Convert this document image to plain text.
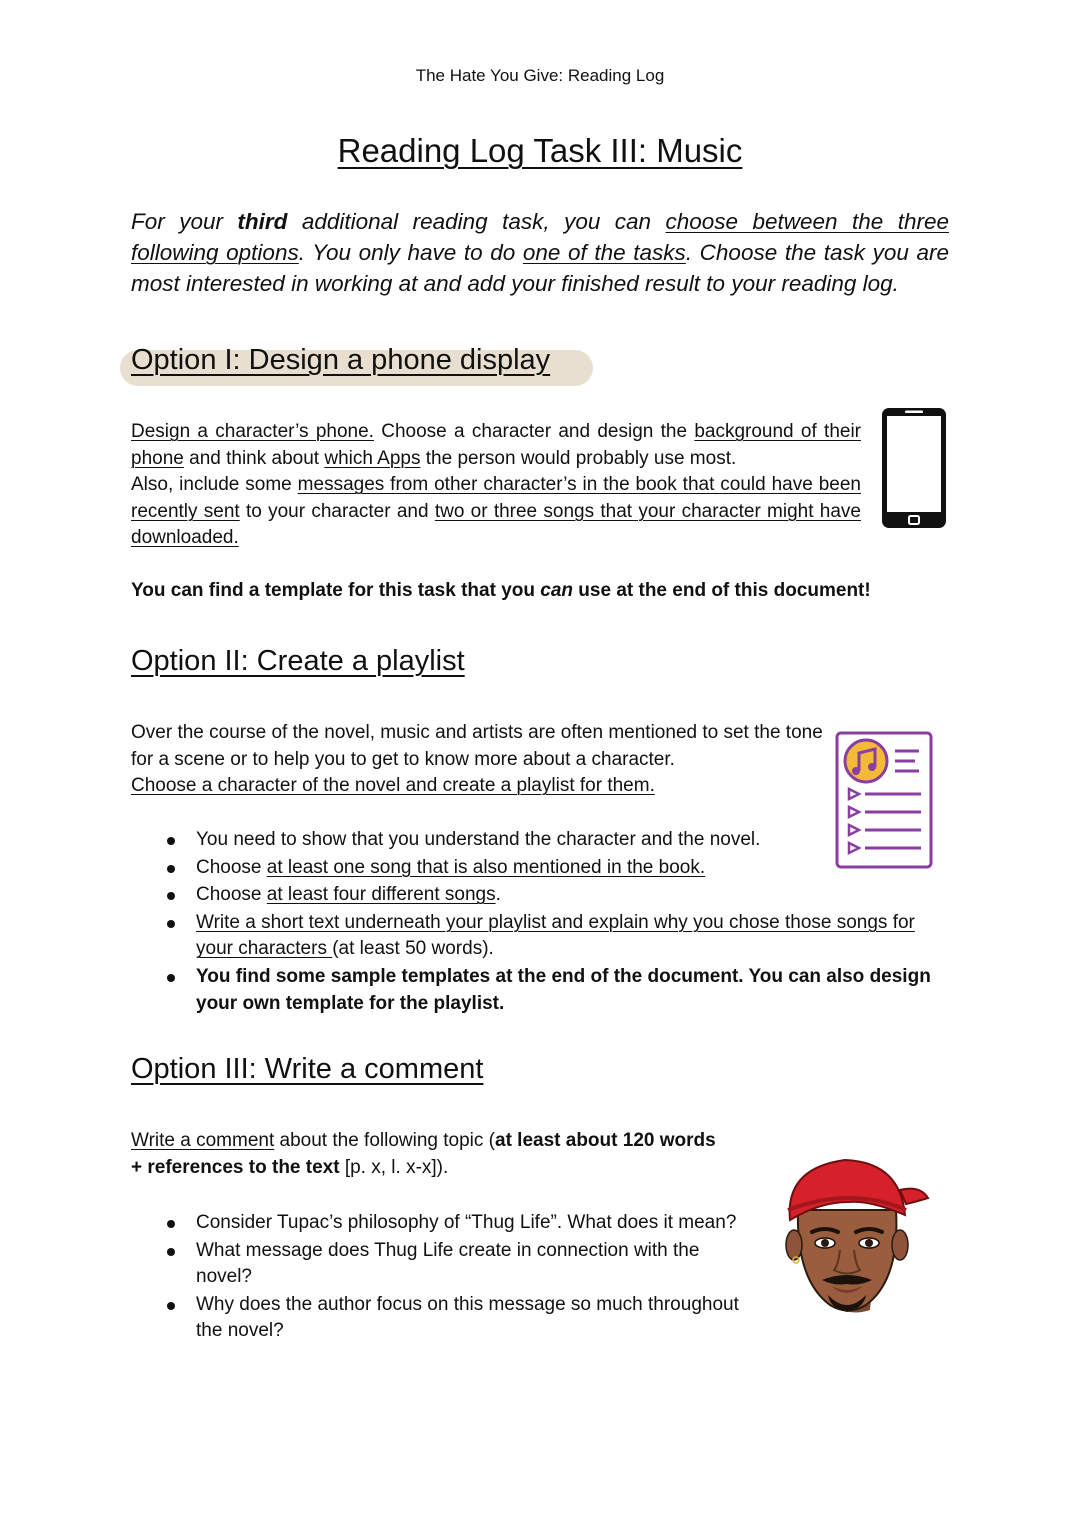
The Hate You Give: Reading Log
Reading Log Task III: Music
For your third additional reading task, you can choose between the three following options. You only have to do one of the tasks. Choose the task you are most interested in working at and add your finished result to your reading log.
Option I: Design a phone display
Design a character’s phone. Choose a character and design the background of their phone and think about which Apps the person would probably use most.
Also, include some messages from other character’s in the book that could have been recently sent to your character and two or three songs that your character might have downloaded.
You can find a template for this task that you can use at the end of this document!
Option II: Create a playlist
Over the course of the novel, music and artists are often mentioned to set the tone for a scene or to help you to get to know more about a character.
Choose a character of the novel and create a playlist for them.
You need to show that you understand the character and the novel.
Choose at least one song that is also mentioned in the book.
Choose at least four different songs.
Write a short text underneath your playlist and explain why you chose those songs for your characters (at least 50 words).
You find some sample templates at the end of the document. You can also design your own template for the playlist.
Option III: Write a comment
Write a comment about the following topic (at least about 120 words + references to the text [p. x, l. x-x]).
Consider Tupac’s philosophy of “Thug Life”. What does it mean?
What message does Thug Life create in connection with the novel?
Why does the author focus on this message so much throughout the novel?
